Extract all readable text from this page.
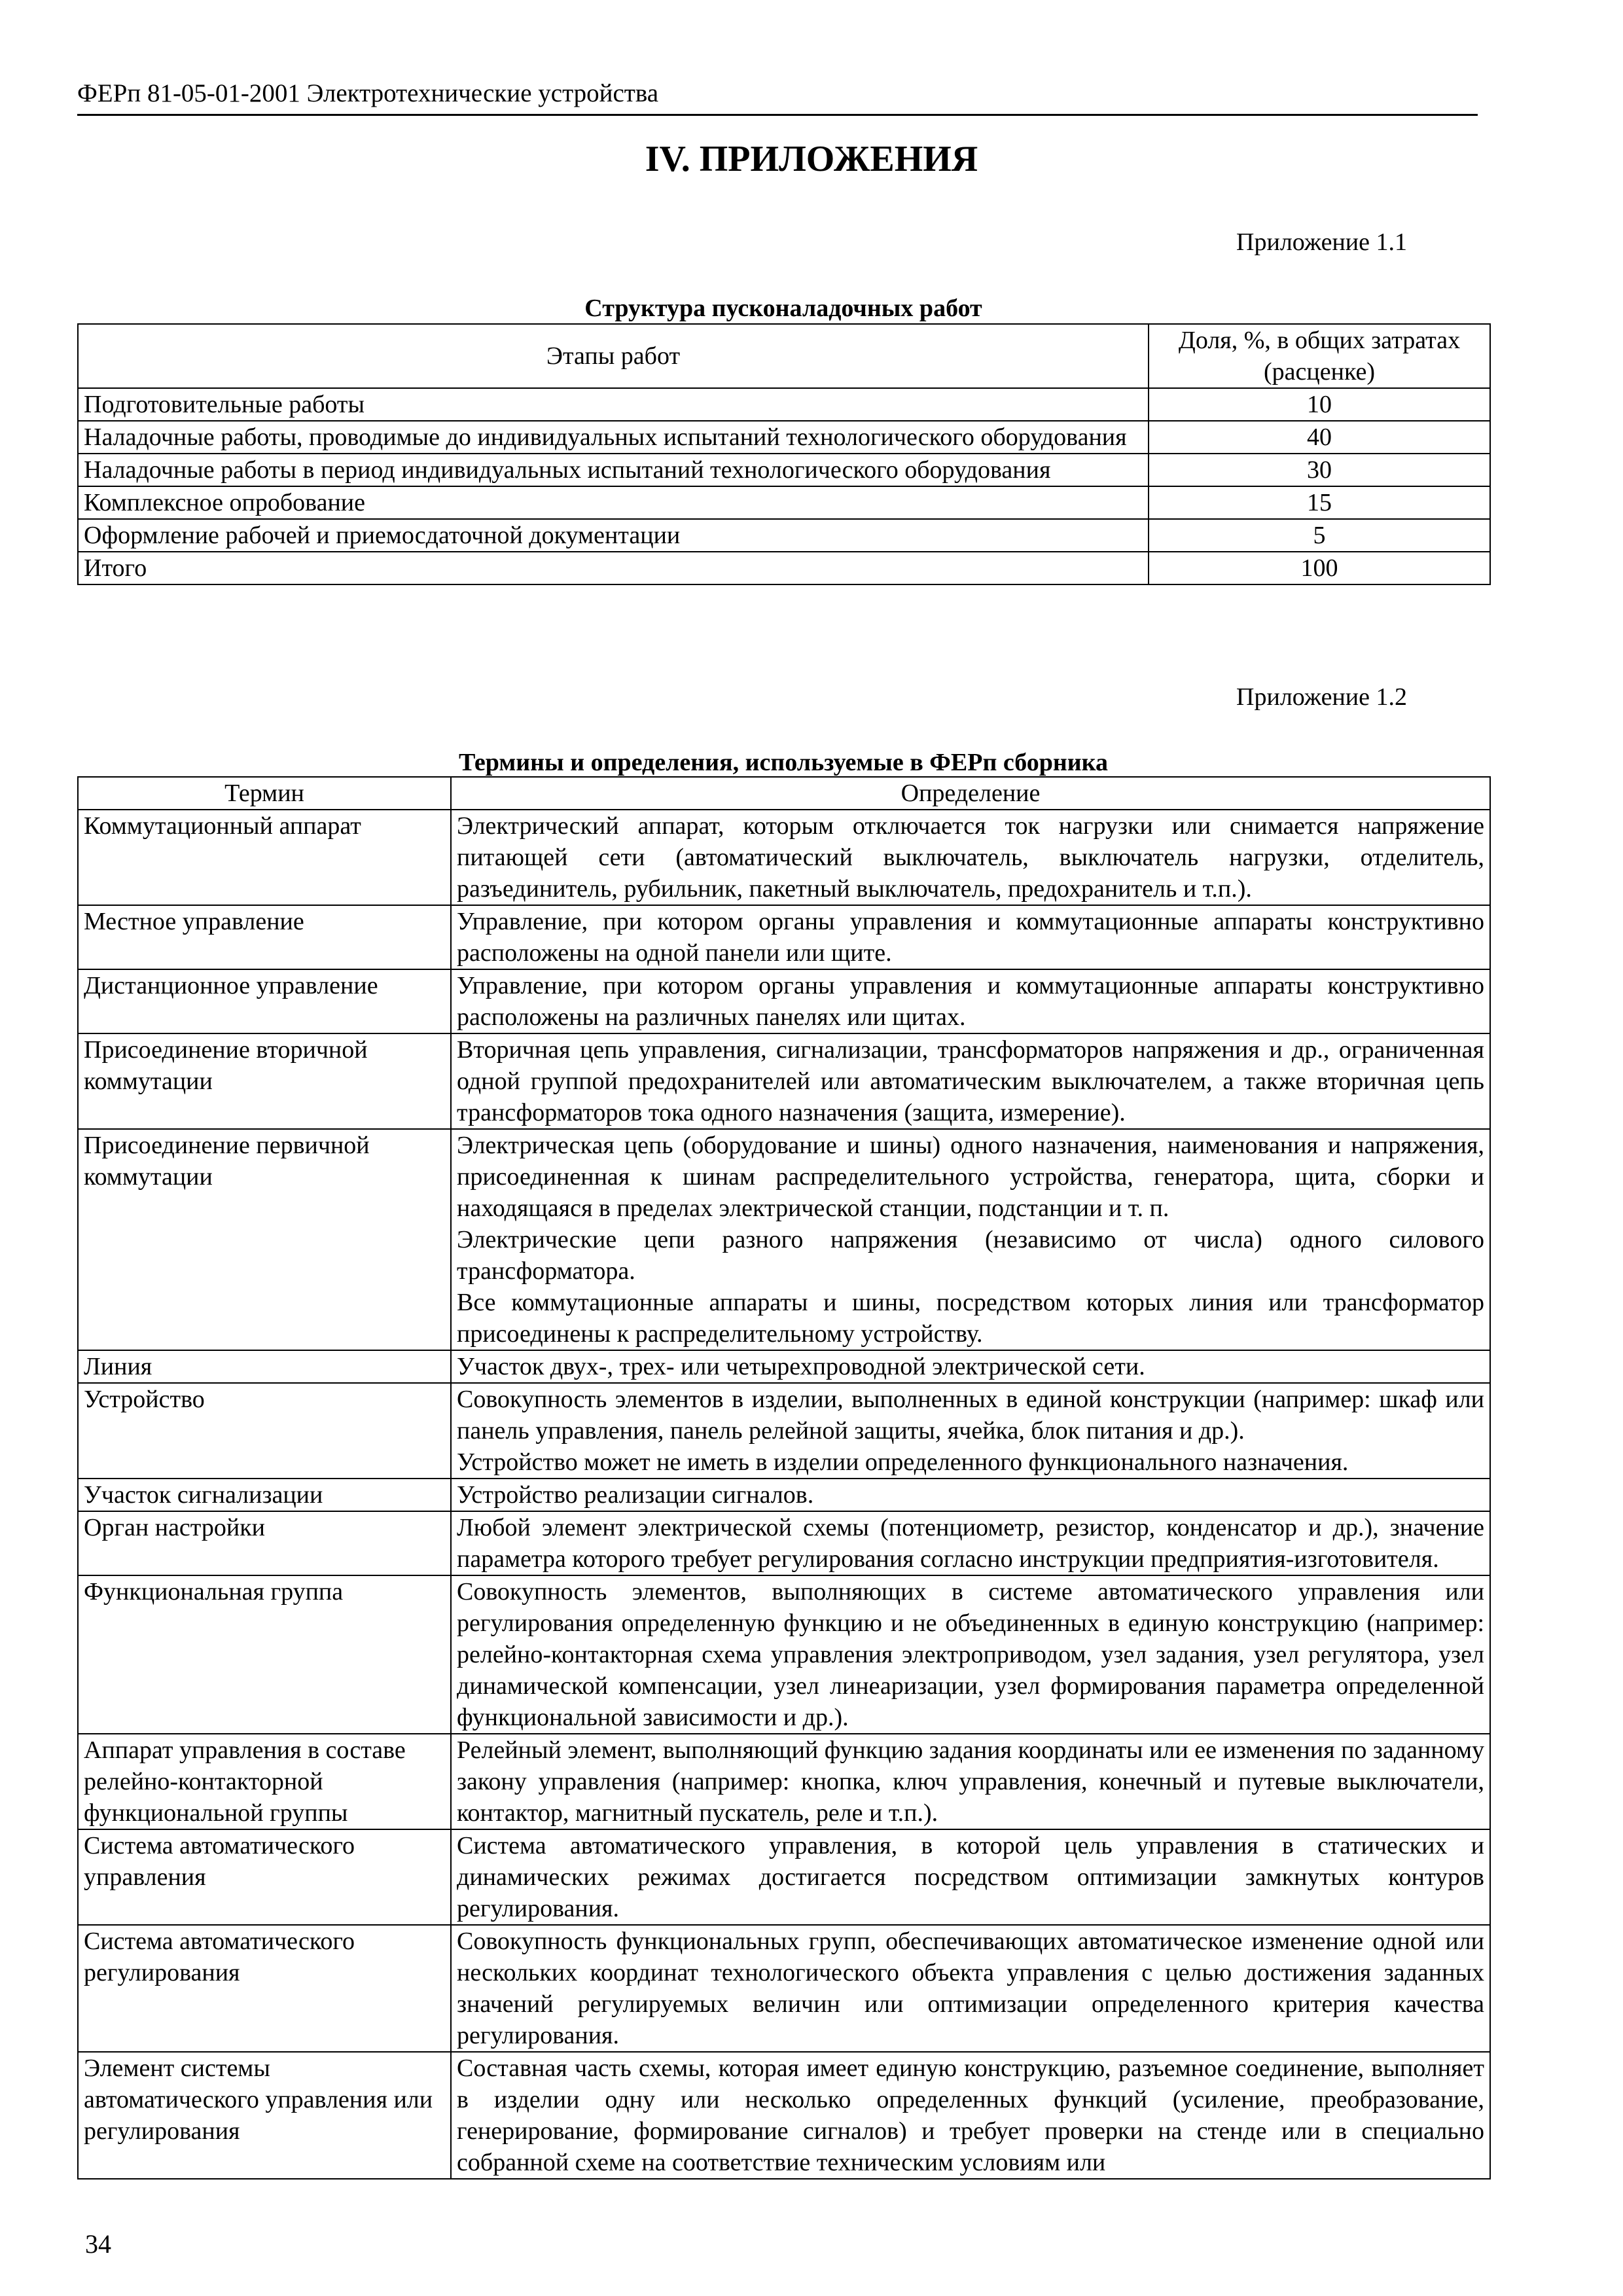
ФЕРп 81-05-01-2001 Электротехнические устройства
IV. ПРИЛОЖЕНИЯ
Приложение 1.1
Структура пусконаладочных работ
Этапы работ	Доля, %, в общих затратах (расценке)
Подготовительные работы	10
Наладочные работы, проводимые до индивидуальных испытаний технологического оборудования	40
Наладочные работы в период индивидуальных испытаний технологического оборудования	30
Комплексное опробование	15
Оформление рабочей и приемосдаточной документации	5
Итого	100
Приложение 1.2
Термины и определения, используемые в ФЕРп сборника
Термин	Определение
Коммутационный аппарат	Электрический аппарат, которым отключается ток нагрузки или снимается напряжение питающей сети (автоматический выключатель, выключатель нагрузки, отделитель, разъединитель, рубильник, пакетный выключатель, предохранитель и т.п.).

Местное управление	Управление, при котором органы управления и коммутационные аппараты конструктивно расположены на одной панели или щите.

Дистанционное управление	Управление, при котором органы управления и коммутационные аппараты конструктивно расположены на различных панелях или щитах.

Присоединение вторичной коммутации	Вторичная цепь управления, сигнализации, трансформаторов напряжения и др., ограниченная одной группой предохранителей или автоматическим выключателем, а также вторичная цепь трансформаторов тока одного назначения (защита, измерение).

Присоединение первичной коммутации	Электрическая цепь (оборудование и шины) одного назначения, наименования и напряжения, присоединенная к шинам распределительного устройства, генератора, щита, сборки и находящаяся в пределах электрической станции, подстанции и т. п.
Электрические цепи разного напряжения (независимо от числа) одного силового трансформатора.
Все коммутационные аппараты и шины, посредством которых линия или трансформатор присоединены к распределительному устройству.

Линия	Участок двух-, трех- или четырехпроводной электрической сети.

Устройство	Совокупность элементов в изделии, выполненных в единой конструкции (например: шкаф или панель управления, панель релейной защиты, ячейка, блок питания и др.).
Устройство может не иметь в изделии определенного функционального назначения.

Участок сигнализации	Устройство реализации сигналов.

Орган настройки	Любой элемент электрической схемы (потенциометр, резистор, конденсатор и др.), значение параметра которого требует регулирования согласно инструкции предприятия-изготовителя.

Функциональная группа	Совокупность элементов, выполняющих в системе автоматического управления или регулирования определенную функцию и не объединенных в единую конструкцию (например: релейно-контакторная схема управления электроприводом, узел задания, узел регулятора, узел динамической компенсации, узел линеаризации, узел формирования параметра определенной функциональной зависимости и др.).

Аппарат управления в составе релейно-контакторной функциональной группы	Релейный элемент, выполняющий функцию задания координаты или ее изменения по заданному закону управления (например: кнопка, ключ управления, конечный и путевые выключатели, контактор, магнитный пускатель, реле и т.п.).

Система автоматического управления	Система автоматического управления, в которой цель управления в статических и динамических режимах достигается посредством оптимизации замкнутых контуров регулирования.

Система автоматического регулирования	Совокупность функциональных групп, обеспечивающих автоматическое изменение одной или нескольких координат технологического объекта управления с целью достижения заданных значений регулируемых величин или оптимизации определенного критерия качества регулирования.

Элемент системы автоматического управления или регулирования	Составная часть схемы, которая имеет единую конструкцию, разъемное соединение, выполняет в изделии одну или несколько определенных функций (усиление, преобразование, генерирование, формирование сигналов) и требует проверки на стенде или в специально собранной схеме на соответствие техническим условиям или
34
